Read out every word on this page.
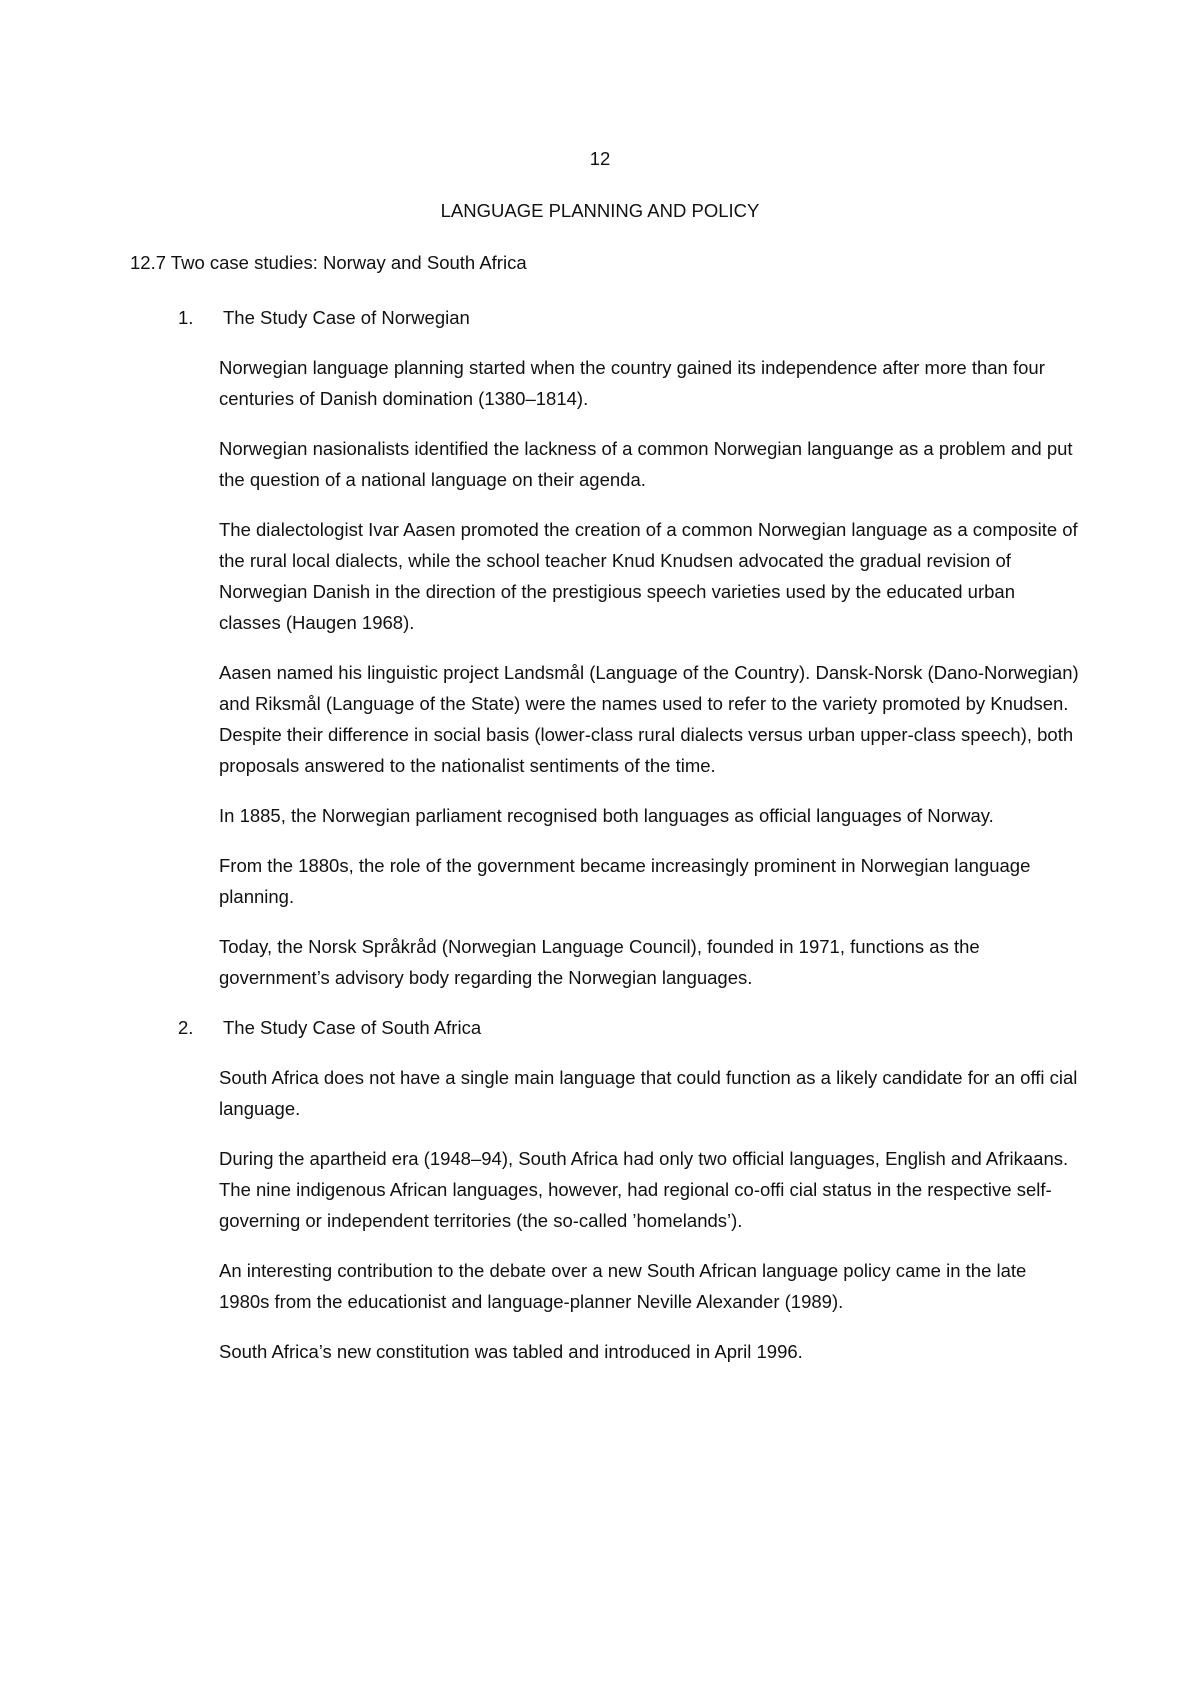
12
LANGUAGE PLANNING AND POLICY
12.7 Two case studies: Norway and South Africa
1.	The Study Case of Norwegian

Norwegian language planning started when the country gained its independence after more than four centuries of Danish domination (1380–1814).

Norwegian nasionalists identified the lackness of a common Norwegian languange as a problem and put the question of a national language on their agenda.

The dialectologist Ivar Aasen promoted the creation of a common Norwegian language as a composite of the rural local dialects, while the school teacher Knud Knudsen advocated the gradual revision of Norwegian Danish in the direction of the prestigious speech varieties used by the educated urban classes (Haugen 1968).

Aasen named his linguistic project Landsmål (Language of the Country). Dansk-Norsk (Dano-Norwegian) and Riksmål (Language of the State) were the names used to refer to the variety promoted by Knudsen. Despite their difference in social basis (lower-class rural dialects versus urban upper-class speech), both proposals answered to the nationalist sentiments of the time.

In 1885, the Norwegian parliament recognised both languages as official languages of Norway.

From the 1880s, the role of the government became increasingly prominent in Norwegian language planning.

Today, the Norsk Språkråd (Norwegian Language Council), founded in 1971, functions as the government’s advisory body regarding the Norwegian languages.

2.	The Study Case of South Africa

South Africa does not have a single main language that could function as a likely candidate for an offi cial language.

During the apartheid era (1948–94), South Africa had only two official languages, English and Afrikaans. The nine indigenous African languages, however, had regional co-offi cial status in the respective self-governing or independent territories (the so-called ’homelands’).

An interesting contribution to the debate over a new South African language policy came in the late 1980s from the educationist and language-planner Neville Alexander (1989).

South Africa’s new constitution was tabled and introduced in April 1996.
